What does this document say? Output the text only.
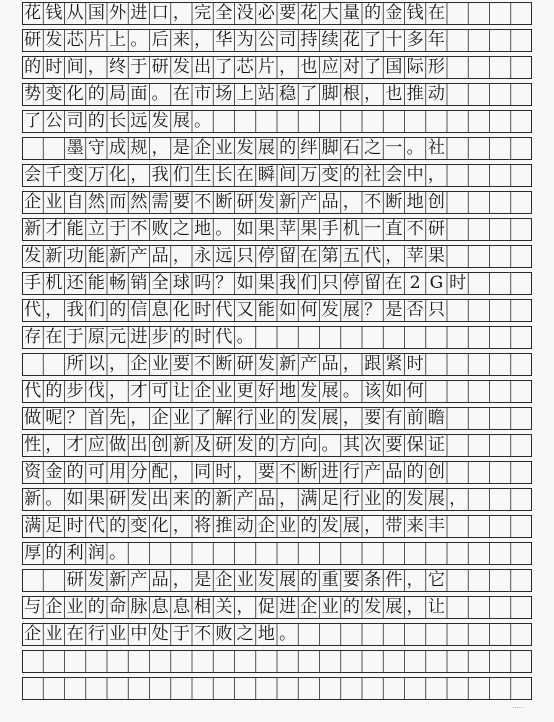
花 钱 从 国 外 进 口 ， 完 全 没 必 要 花 大 量 的 金 钱 在
研 发 芯 片 上 。 后 来 ， 华 为 公 司 持 续 花 了 十 多 年
的 时 间 ， 终 于 研 发 出 了 芯 片 ， 也 应 对 了 国 际 形
势 变 化 的 局 面 。 在 市 场 上 站 稳 了 脚 根 ， 也 推 动
了 公 司 的 长 远 发 展 。
墨 守 成 规 ， 是 企 业 发 展 的 绊 脚 石 之 一 。 社
会 千 变 万 化 ， 我 们 生 长 在 瞬 间 万 变 的 社 会 中 ，
企 业 自 然 而 然 需 要 不 断 研 发 新 产 品 ， 不 断 地 创
新 才 能 立 于 不 败 之 地 。 如 果 苹 果 手 机 一 直 不 研
发 新 功 能 新 产 品 ， 永 远 只 停 留 在 第 五 代 ， 苹 果
手 机 还 能 畅 销 全 球 吗 ？ 如 果 我 们 只 停 留 在 2 G 时
代 ， 我 们 的 信 息 化 时 代 又 能 如 何 发 展 ？ 是 否 只
存 在 于 原 元 进 步 的 时 代 。
所 以 ， 企 业 要 不 断 研 发 新 产 品 ， 跟 紧 时
代 的 步 伐 ， 才 可 让 企 业 更 好 地 发 展 。 该 如 何
做 呢 ？ 首 先 ， 企 业 了 解 行 业 的 发 展 ， 要 有 前 瞻
性 ， 才 应 做 出 创 新 及 研 发 的 方 向 。 其 次 要 保 证
资 金 的 可 用 分 配 ， 同 时 ， 要 不 断 进 行 产 品 的 创
新 。 如 果 研 发 出 来 的 新 产 品 ， 满 足 行 业 的 发 展 ，
满 足 时 代 的 变 化 ， 将 推 动 企 业 的 发 展 ， 带 来 丰
厚 的 利 润 。
研 发 新 产 品 ， 是 企 业 发 展 的 重 要 条 件 ， 它
与 企 业 的 命 脉 息 息 相 关 ， 促 进 企 业 的 发 展 ， 让
企 业 在 行 业 中 处 于 不 败 之 地 。
......
